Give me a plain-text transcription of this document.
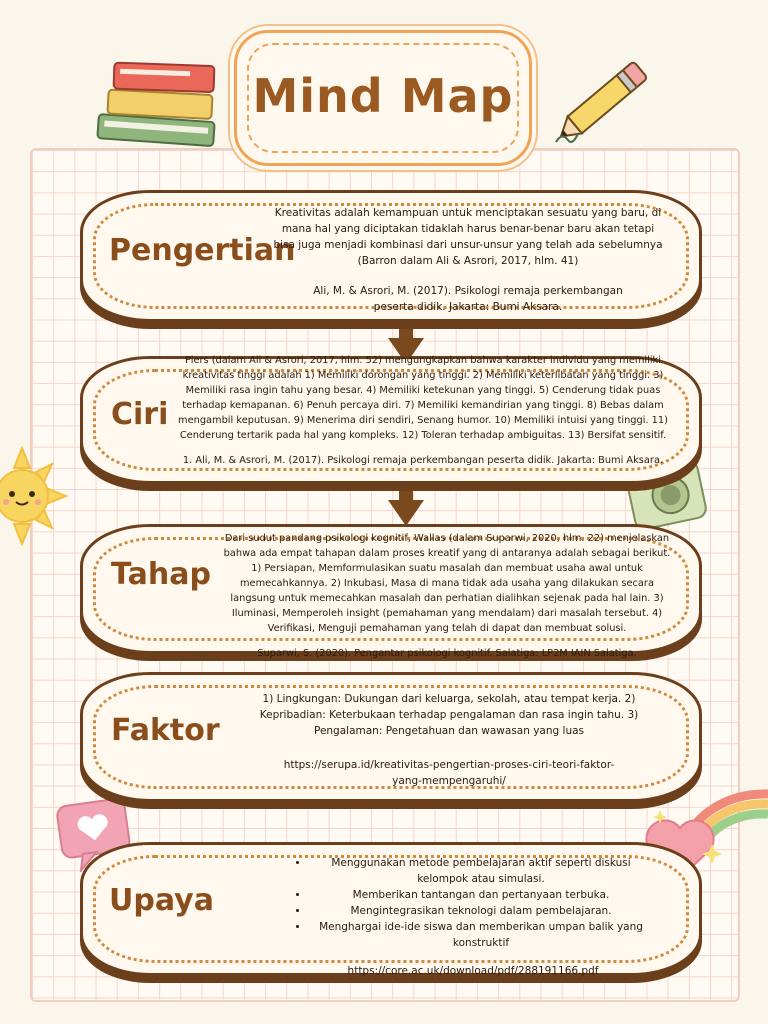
Mind Map
Pengertian

Kreativitas adalah kemampuan untuk menciptakan sesuatu yang baru, di mana hal yang diciptakan tidaklah harus benar-benar baru akan tetapi bisa juga menjadi kombinasi dari unsur-unsur yang telah ada sebelumnya (Barron dalam Ali & Asrori, 2017, hlm. 41)

Ali, M. & Asrori, M. (2017). Psikologi remaja perkembangan peserta didik. Jakarta: Bumi Aksara.

Ciri

Piers (dalam Ali & Asrori, 2017, hlm. 52) mengungkapkan bahwa karakter individu yang memiliki kreativitas tinggi adalah 1) Memiliki dorongan yang tinggi. 2) Memiliki keterlibatan yang tinggi. 3) Memiliki rasa ingin tahu yang besar. 4) Memiliki ketekunan yang tinggi. 5) Cenderung tidak puas terhadap kemapanan. 6) Penuh percaya diri. 7) Memiliki kemandirian yang tinggi. 8) Bebas dalam mengambil keputusan. 9) Menerima diri sendiri, Senang humor. 10) Memiliki intuisi yang tinggi. 11) Cenderung tertarik pada hal yang kompleks. 12) Toleran terhadap ambiguitas. 13) Bersifat sensitif.

1. Ali, M. & Asrori, M. (2017). Psikologi remaja perkembangan peserta didik. Jakarta: Bumi Aksara.

Tahap

Dari sudut pandang psikologi kognitif, Wallas (dalam Suparwi, 2020, hlm. 22) menjelaskan bahwa ada empat tahapan dalam proses kreatif yang di antaranya adalah sebagai berikut. 1) Persiapan, Memformulasikan suatu masalah dan membuat usaha awal untuk memecahkannya. 2) Inkubasi, Masa di mana tidak ada usaha yang dilakukan secara langsung untuk memecahkan masalah dan perhatian dialihkan sejenak pada hal lain. 3) Iluminasi, Memperoleh insight (pemahaman yang mendalam) dari masalah tersebut. 4) Verifikasi, Menguji pemahaman yang telah di dapat dan membuat solusi.

Suparwi, S. (2020). Pengantar psikologi kognitif. Salatiga: LP2M IAIN Salatiga.

Faktor

1) Lingkungan: Dukungan dari keluarga, sekolah, atau tempat kerja. 2) Kepribadian: Keterbukaan terhadap pengalaman dan rasa ingin tahu. 3) Pengalaman: Pengetahuan dan wawasan yang luas

https://serupa.id/kreativitas-pengertian-proses-ciri-teori-faktor-yang-mempengaruhi/

Upaya
• Menggunakan metode pembelajaran aktif seperti diskusi kelompok atau simulasi.
• Memberikan tantangan dan pertanyaan terbuka.
• Mengintegrasikan teknologi dalam pembelajaran.
• Menghargai ide-ide siswa dan memberikan umpan balik yang konstruktif

https://core.ac.uk/download/pdf/288191166.pdf
